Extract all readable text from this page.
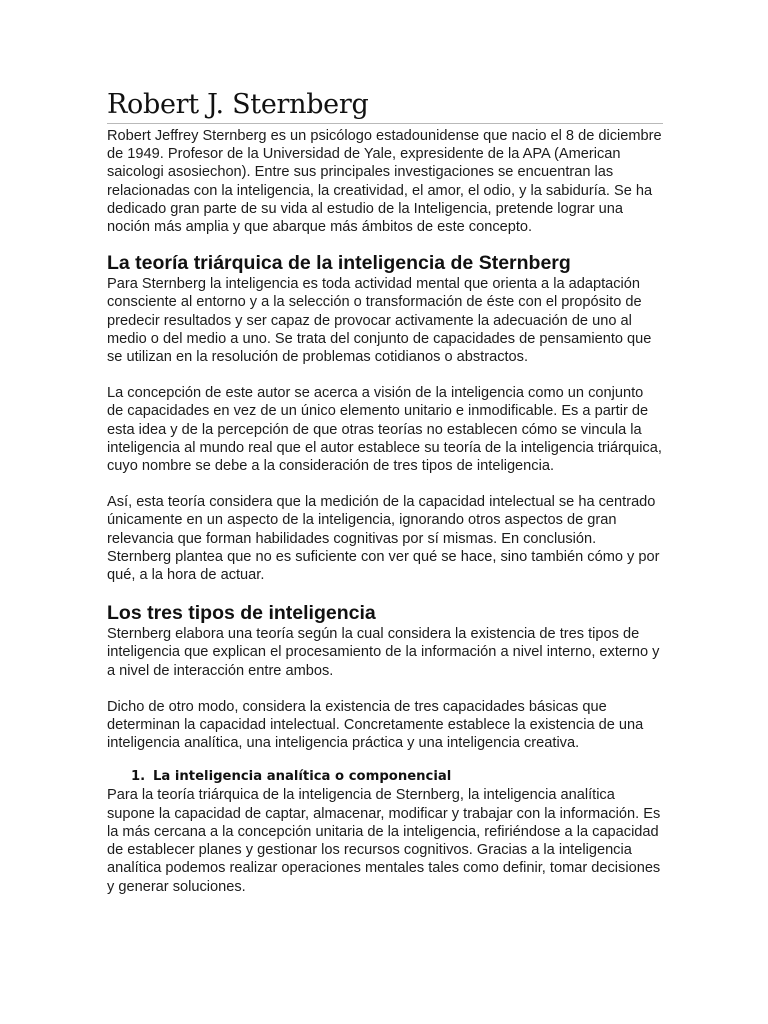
Robert J. Sternberg

Robert Jeffrey Sternberg es un psicólogo estadounidense que nacio el 8 de diciembre de 1949. Profesor de la Universidad de Yale, expresidente de la APA (American saicologi asosiechon). Entre sus principales investigaciones se encuentran las relacionadas con la inteligencia, la creatividad, el amor, el odio, y la sabiduría. Se ha dedicado gran parte de su vida al estudio de la Inteligencia, pretende lograr una noción más amplia y que abarque más ámbitos de este concepto.

La teoría triárquica de la inteligencia de Sternberg

Para Sternberg la inteligencia es toda actividad mental que orienta a la adaptación consciente al entorno y a la selección o transformación de éste con el propósito de predecir resultados y ser capaz de provocar activamente la adecuación de uno al medio o del medio a uno. Se trata del conjunto de capacidades de pensamiento que se utilizan en la resolución de problemas cotidianos o abstractos.

La concepción de este autor se acerca a visión de la inteligencia como un conjunto de capacidades en vez de un único elemento unitario e inmodificable. Es a partir de esta idea y de la percepción de que otras teorías no establecen cómo se vincula la inteligencia al mundo real que el autor establece su teoría de la inteligencia triárquica, cuyo nombre se debe a la consideración de tres tipos de inteligencia.

Así, esta teoría considera que la medición de la capacidad intelectual se ha centrado únicamente en un aspecto de la inteligencia, ignorando otros aspectos de gran relevancia que forman habilidades cognitivas por sí mismas. En conclusión. Sternberg plantea que no es suficiente con ver qué se hace, sino también cómo y por qué, a la hora de actuar.

Los tres tipos de inteligencia

Sternberg elabora una teoría según la cual considera la existencia de tres tipos de inteligencia que explican el procesamiento de la información a nivel interno, externo y a nivel de interacción entre ambos.

Dicho de otro modo, considera la existencia de tres capacidades básicas que determinan la capacidad intelectual. Concretamente establece la existencia de una inteligencia analítica, una inteligencia práctica y una inteligencia creativa.

1. La inteligencia analítica o componencial

Para la teoría triárquica de la inteligencia de Sternberg, la inteligencia analítica supone la capacidad de captar, almacenar, modificar y trabajar con la información. Es la más cercana a la concepción unitaria de la inteligencia, refiriéndose a la capacidad de establecer planes y gestionar los recursos cognitivos. Gracias a la inteligencia analítica podemos realizar operaciones mentales tales como definir, tomar decisiones y generar soluciones.
